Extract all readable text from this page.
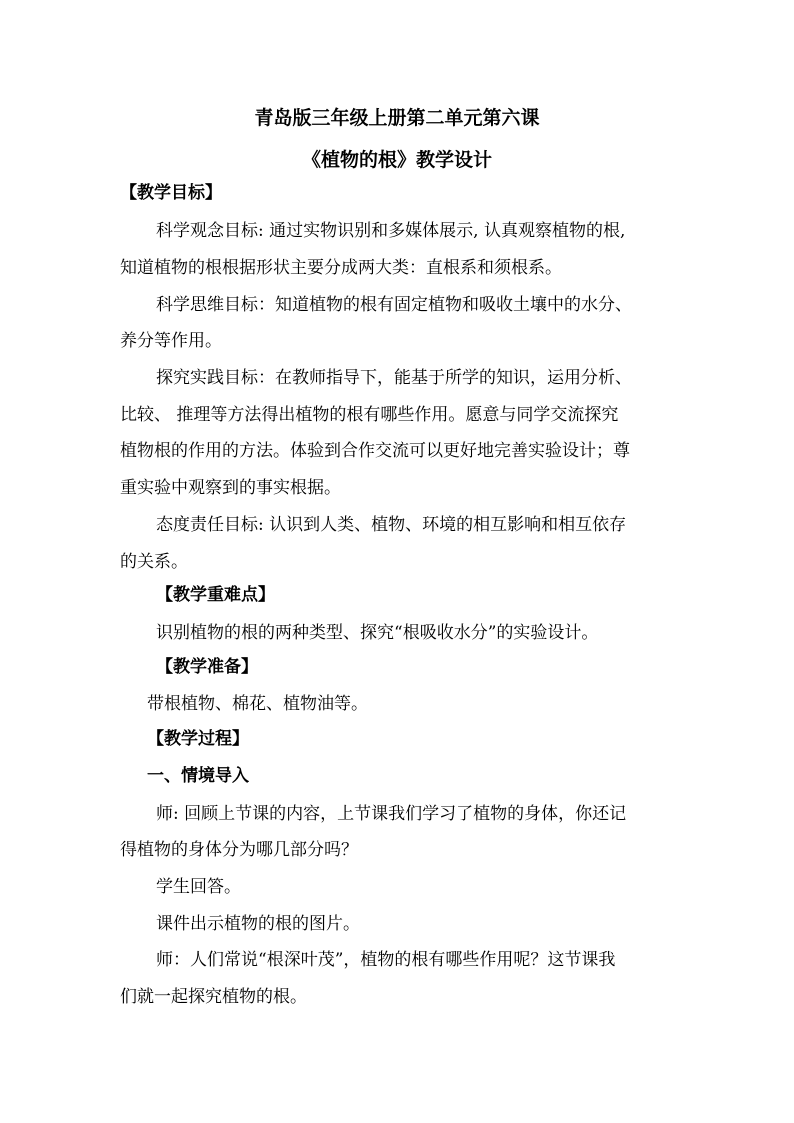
青岛版三年级上册第二单元第六课
《植物的根》教学设计
【教学目标】
科学观念目标: 通过实物识别和多媒体展示, 认真观察植物的根,
知道植物的根根据形状主要分成两大类：直根系和须根系。
科学思维目标：知道植物的根有固定植物和吸收土壤中的水分、
养分等作用。
探究实践目标：在教师指导下，能基于所学的知识，运用分析、
比较、 推理等方法得出植物的根有哪些作用。愿意与同学交流探究
植物根的作用的方法。体验到合作交流可以更好地完善实验设计；尊
重实验中观察到的事实根据。
态度责任目标: 认识到人类、植物、环境的相互影响和相互依存
的关系。
【教学重难点】
识别植物的根的两种类型、探究“根吸收水分”的实验设计。
【教学准备】
带根植物、棉花、植物油等。
【教学过程】
一、情境导入
师: 回顾上节课的内容，上节课我们学习了植物的身体，你还记
得植物的身体分为哪几部分吗？
学生回答。
课件出示植物的根的图片。
师：人们常说“根深叶茂”，植物的根有哪些作用呢？这节课我
们就一起探究植物的根。
